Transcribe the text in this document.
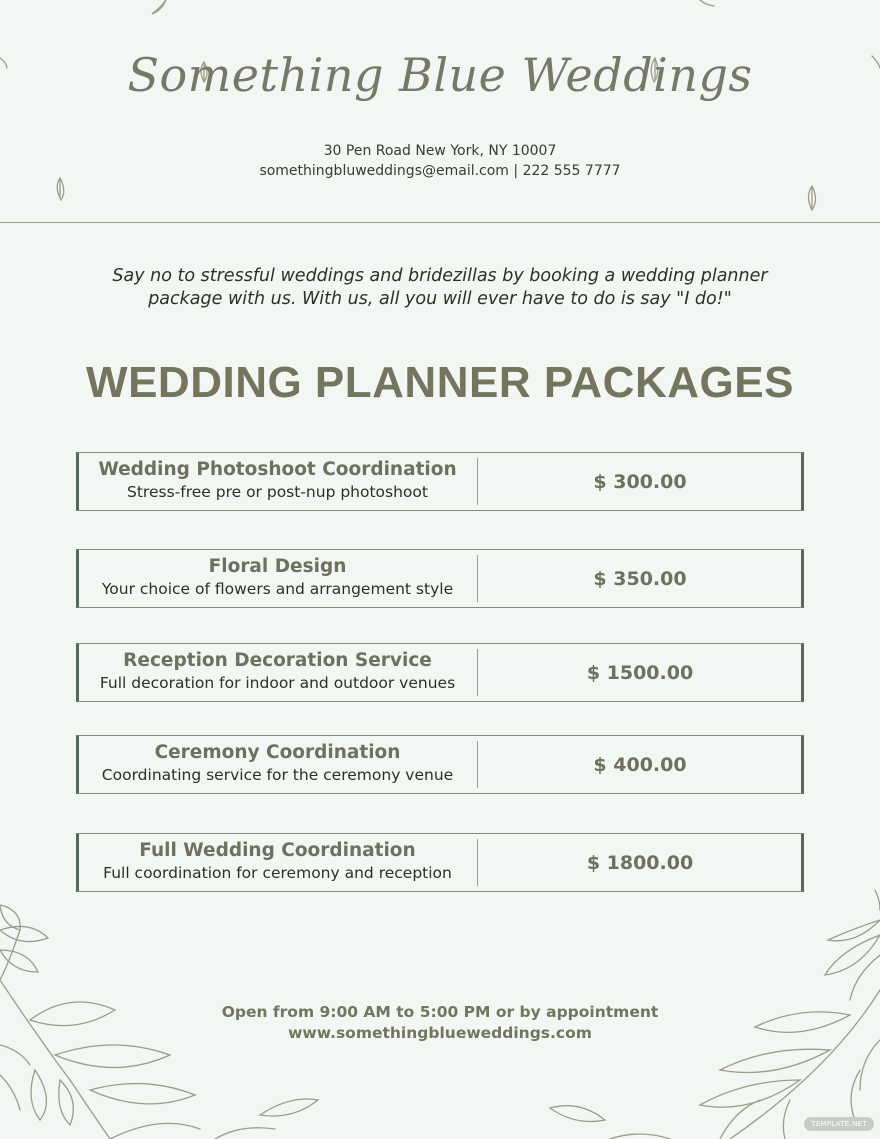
Something Blue Weddings
30 Pen Road New York, NY 10007
somethingbluweddings@email.com | 222 555 7777
Say no to stressful weddings and bridezillas by booking a wedding planner package with us. With us, all you will ever have to do is say "I do!"
WEDDING PLANNER PACKAGES
Wedding Photoshoot Coordination
Stress-free pre or post-nup photoshoot	$ 300.00
Floral Design
Your choice of flowers and arrangement style	$ 350.00
Reception Decoration Service
Full decoration for indoor and outdoor venues	$ 1500.00
Ceremony Coordination
Coordinating service for the ceremony venue	$ 400.00
Full Wedding Coordination
Full coordination for ceremony and reception	$ 1800.00
Open from 9:00 AM to 5:00 PM or by appointment
www.somethingblueweddings.com
TEMPLATE.NET
